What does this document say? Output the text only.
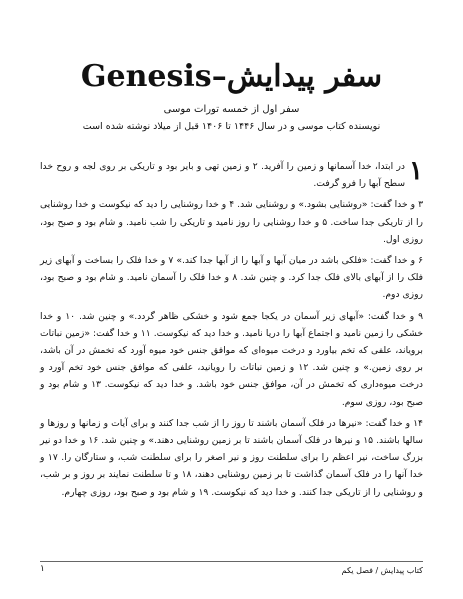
سفر پیدایش–Genesis
سفر اول از خمسه تورات موسی
نویسنده کتاب موسی و در سال ۱۴۴۶ تا ۱۴۰۶ قبل از میلاد نوشته شده است
۱

در ابتدا، خدا آسمانها و زمین را آفرید. ۲ و زمین تهی و بایر بود و تاریکی بر روی لجه و روح خدا سطح آبها را فرو گرفت.

۳ و خدا گفت: «روشنایی بشود.» و روشنایی شد. ۴ و خدا روشنایی را دید که نیکوست و خدا روشنایی را از تاریکی جدا ساخت. ۵ و خدا روشنایی را روز نامید و تاریکی را شب نامید. و شام بود و صبح بود، روزی اول.

۶ و خدا گفت: «فلکی باشد در میان آبها و آبها را از آبها جدا کند.» ۷ و خدا فلک را بساخت و آبهای زیر فلک را از آبهای بالای فلک جدا کرد. و چنین شد. ۸ و خدا فلک را آسمان نامید. و شام بود و صبح بود، روزی دوم.

۹ و خدا گفت: «آبهای زیر آسمان در یکجا جمع شود و خشکی ظاهر گردد.» و چنین شد. ۱۰ و خدا خشکی را زمین نامید و اجتماع آبها را دریا نامید. و خدا دید که نیکوست. ۱۱ و خدا گفت: «زمین نباتات برویاند، علفی که تخم بیاورد و درخت میوه‌ای که موافق جنس خود میوه آورد که تخمش در آن باشد، بر روی زمین.» و چنین شد. ۱۲ و زمین نباتات را رویانید، علفی که موافق جنس خود تخم آورد و درخت میوه‌داری که تخمش در آن، موافق جنس خود باشد. و خدا دید که نیکوست. ۱۳ و شام بود و صبح بود، روزی سوم.

۱۴ و خدا گفت: «نیرها در فلک آسمان باشند تا روز را از شب جدا کنند و برای آیات و زمانها و روزها و سالها باشند. ۱۵ و نیرها در فلک آسمان باشند تا بر زمین روشنایی دهند.» و چنین شد. ۱۶ و خدا دو نیر بزرگ ساخت، نیر اعظم را برای سلطنت روز و نیر اصغر را برای سلطنت شب، و ستارگان را. ۱۷ و خدا آنها را در فلک آسمان گذاشت تا بر زمین روشنایی دهند، ۱۸ و تا سلطنت نمایند بر روز و بر شب، و روشنایی را از تاریکی جدا کنند. و خدا دید که نیکوست. ۱۹ و شام بود و صبح بود، روزی چهارم.

کتاب پیدایش / فصل یکم
۱
